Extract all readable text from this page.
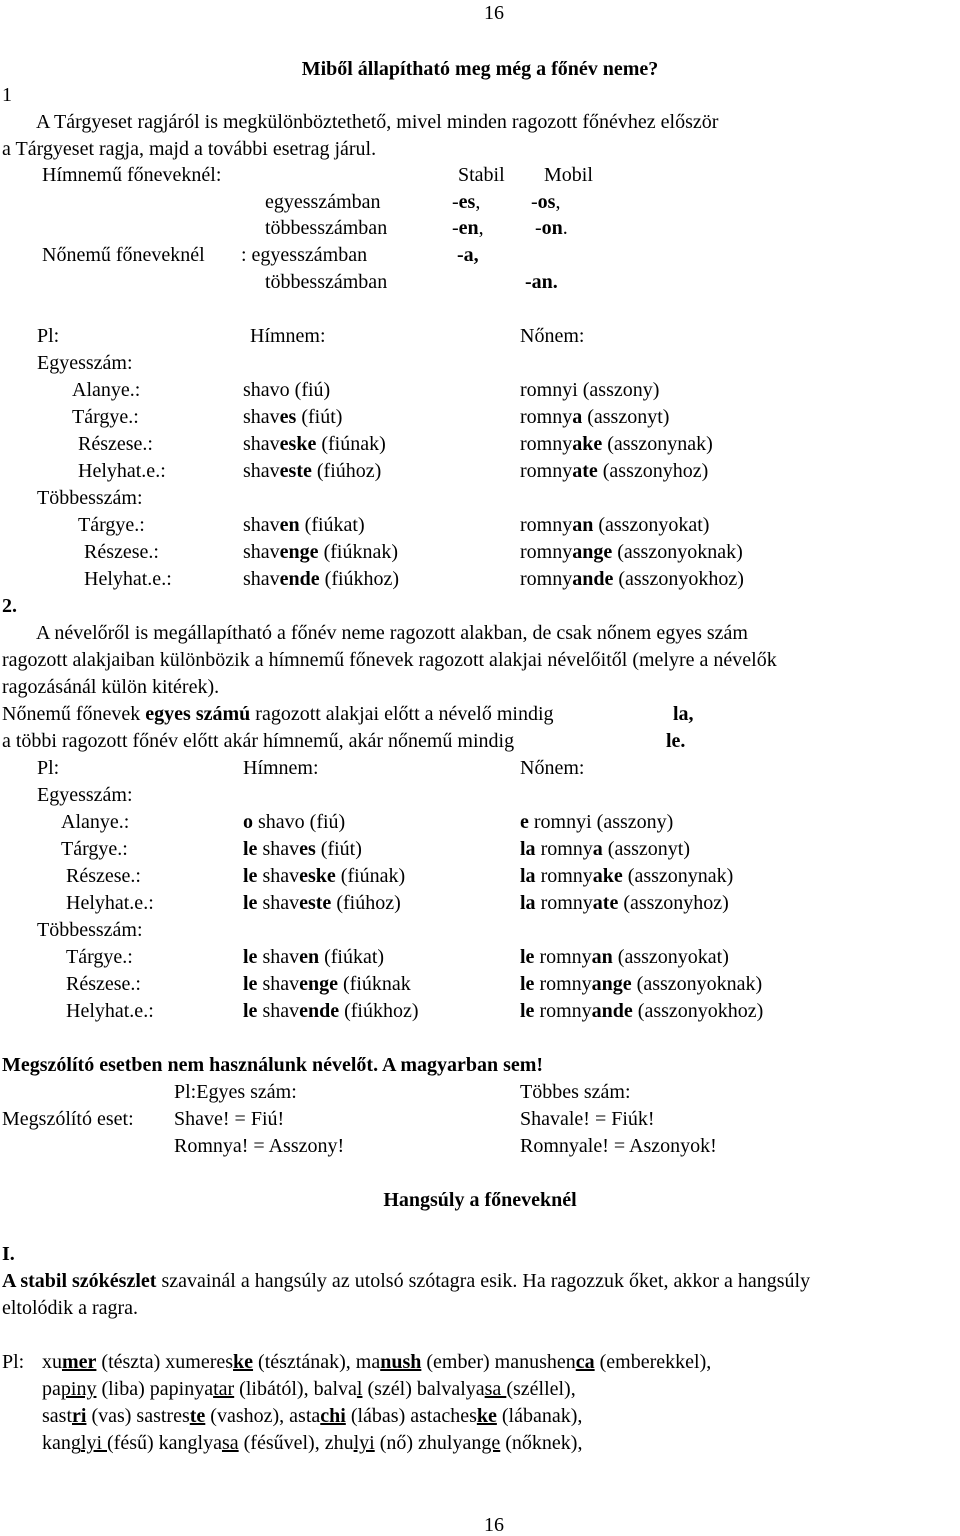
16
Miből állapítható meg még a főnév neme?
1
A Tárgyeset ragjáról is megkülönböztethető, mivel minden ragozott főnévhez először
a Tárgyeset ragja, majd a további esetrag járul.
Hímnemű főneveknél:	Stabil Mobil
egyesszámban	-es,	-os,
többesszámban	-en,	-on.
Nőnemű főneveknél : egyesszámban	-a,
többesszámban	-an.
Pl:	Hímnem:	Nőnem:
Egyesszám:
Alanye.:	shavo (fiú)	romnyi (asszony)
Tárgye.:	shaves (fiút)	romnya (asszonyt)
Részese.:	shaveske (fiúnak)	romnyake (asszonynak)
Helyhat.e.:	shaveste (fiúhoz)	romnyate (asszonyhoz)
Többesszám:
Tárgye.:	shaven (fiúkat)	romnyan (asszonyokat)
Részese.:	shavenge (fiúknak)	romnyange (asszonyoknak)
Helyhat.e.:	shavende (fiúkhoz)	romnyande (asszonyokhoz)
2.
A névelőről is megállapítható a főnév neme ragozott alakban, de csak nőnem egyes szám
ragozott alakjaiban különbözik a hímnemű főnevek ragozott alakjai névelőitől (melyre a névelők
ragozásánál külön kitérek).
Nőnemű főnevek egyes számú ragozott alakjai előtt a névelő mindig	la,
a többi ragozott főnév előtt akár hímnemű, akár nőnemű mindig	le.
Pl:	Hímnem:	Nőnem:
Egyesszám:
Alanye.:	o shavo (fiú)	e romnyi (asszony)
Tárgye.:	le shaves (fiút)	la romnya (asszonyt)
Részese.:	le shaveske (fiúnak)	la romnyake (asszonynak)
Helyhat.e.:	le shaveste (fiúhoz)	la romnyate (asszonyhoz)
Többesszám:
Tárgye.:	le shaven (fiúkat)	le romnyan (asszonyokat)
Részese.:	le shavenge (fiúknak	le romnyange (asszonyoknak)
Helyhat.e.:	le shavende (fiúkhoz)	le romnyande (asszonyokhoz)
Megszólító esetben nem használunk névelőt. A magyarban sem!
Pl:Egyes szám:	Többes szám:
Megszólító eset: Shave! = Fiú!	Shavale! = Fiúk!
Romnya! = Asszony!	Romnyale! = Aszonyok!
Hangsúly a főneveknél
I.
A stabil szókészlet szavainál a hangsúly az utolsó szótagra esik. Ha ragozzuk őket, akkor a hangsúly
eltolódik a ragra.
Pl: xumer (tészta) xumereske (tésztának), manush (ember) manushenca (emberekkel),
papiny (liba) papinyatar (libától), balval (szél) balvalyasa (széllel),
sastri (vas) sastreste (vashoz), astachi (lábas) astacheske (lábanak),
kanglyi (fésű) kanglyasa (fésűvel), zhulyi (nő) zhulyange (nőknek),
16
